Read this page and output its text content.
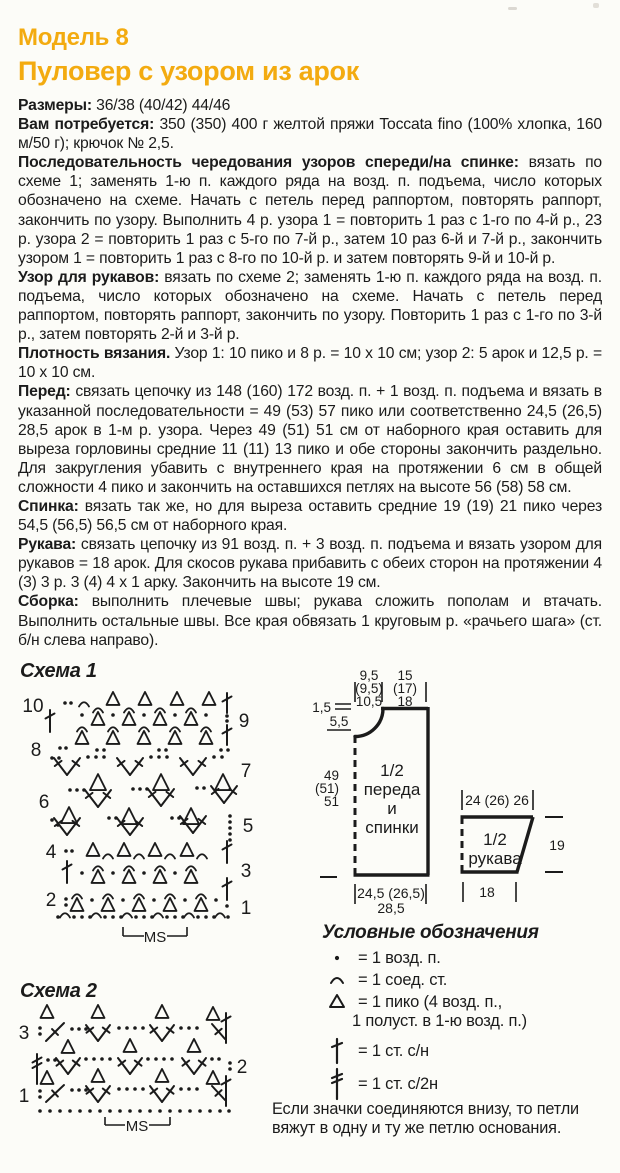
Модель 8
Пуловер с узором из арок

Размеры: 36/38 (40/42) 44/46

Вам потребуется: 350 (350) 400 г желтой пряжи Toccata fino (100% хлопка, 160 м/50 г); крючок № 2,5.

Последовательность чередования узоров спереди/на спинке: вязать по схеме 1; заменять 1-ю п. каждого ряда на возд. п. подъема, число которых обозначено на схеме. Начать с петель перед раппортом, повторять раппорт, закончить по узору. Выполнить 4 р. узора 1 = повторить 1 раз с 1-го по 4-й р., 23 р. узора 2 = повторить 1 раз с 5-го по 7-й р., затем 10 раз 6-й и 7-й р., закончить узором 1 = повторить 1 раз с 8-го по 10-й р. и затем повторять 9-й и 10-й р.

Узор для рукавов: вязать по схеме 2; заменять 1-ю п. каждого ряда на возд. п. подъема, число которых обозначено на схеме. Начать с петель перед раппортом, повторять раппорт, закончить по узору. Повторить 1 раз с 1-го по 3-й р., затем повторять 2-й и 3-й р.

Плотность вязания. Узор 1: 10 пико и 8 р. = 10 х 10 см; узор 2: 5 арок и 12,5 р. = 10 х 10 см.

Перед: связать цепочку из 148 (160) 172 возд. п. + 1 возд. п. подъема и вязать в указанной последовательности = 49 (53) 57 пико или соответственно 24,5 (26,5) 28,5 арок в 1-м р. узора. Через 49 (51) 51 см от наборного края оставить для выреза горловины средние 11 (11) 13 пико и обе стороны закончить раздельно. Для закругления убавить с внутреннего края на протяжении 6 см в общей сложности 4 пико и закончить на оставшихся петлях на высоте 56 (58) 58 см.

Спинка: вязать так же, но для выреза оставить средние 19 (19) 21 пико через 54,5 (56,5) 56,5 см от наборного края.

Рукава: связать цепочку из 91 возд. п. + 3 возд. п. подъема и вязать узором для рукавов = 18 арок. Для скосов рукава прибавить с обеих сторон на протяжении 4 (3) 3 р. 3 (4) 4 х 1 арку. Закончить на высоте 19 см.

Сборка: выполнить плечевые швы; рукава сложить пополам и втачать. Выполнить остальные швы. Все края обвязать 1 круговым р. «рачьего шага» (ст. б/н слева направо).

Схема 1
10
8
6
4
2
9
7
5
3
1
MS
Схема 2
3
1
2
MS
1/2
переда
и
спинки
9,5
(9,5)
10,5
15
(17)
18
1,5
5,5
49
(51)
51
24,5 (26,5)
28,5
1/2
рукава
24 (26) 26
19
18
Условные обозначения
= 1 возд. п.
= 1 соед. ст.
= 1 пико (4 возд. п.,
1 полуст. в 1-ю возд. п.)
= 1 ст. с/н
= 1 ст. с/2н
Если значки соединяются внизу, то петли
вяжут в одну и ту же петлю основания.
